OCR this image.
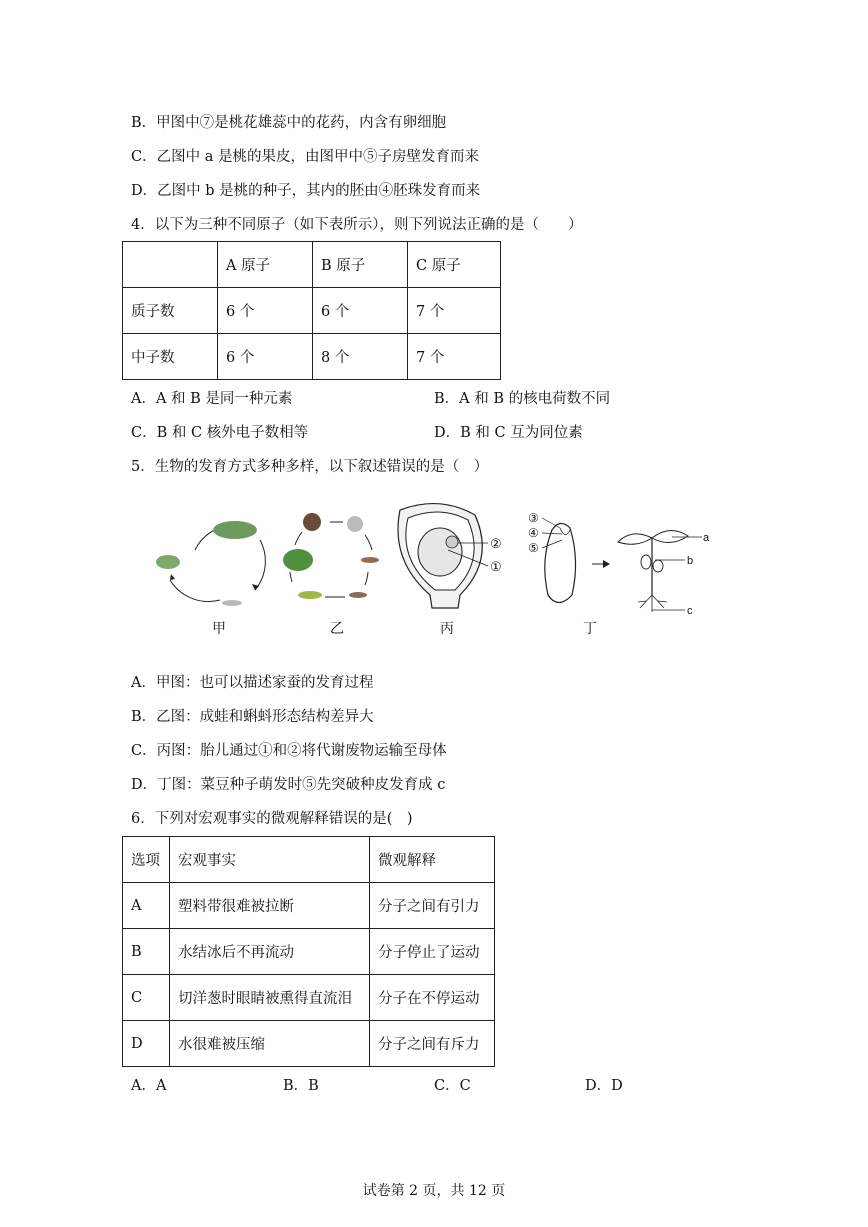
B．甲图中⑦是桃花雄蕊中的花药，内含有卵细胞
C．乙图中 a 是桃的果皮，由图甲中⑤子房壁发育而来
D．乙图中 b 是桃的种子，其内的胚由④胚珠发育而来
4．以下为三种不同原子（如下表所示），则下列说法正确的是（　　）
	A 原子	B 原子	C 原子
质子数	6 个	6 个	7 个
中子数	6 个	8 个	7 个
A．A 和 B 是同一种元素	B．A 和 B 的核电荷数不同
C．B 和 C 核外电子数相等	D．B 和 C 互为同位素
5．生物的发育方式多种多样，以下叙述错误的是（　）
②
①
③
④
⑤
a
b
c
甲	乙	丙	丁
A．甲图：也可以描述家蚕的发育过程
B．乙图：成蛙和蝌蚪形态结构差异大
C．丙图：胎儿通过①和②将代谢废物运输至母体
D．丁图：菜豆种子萌发时⑤先突破种皮发育成 c
6．下列对宏观事实的微观解释错误的是(　)
选项	宏观事实	微观解释
A	塑料带很难被拉断	分子之间有引力
B	水结冰后不再流动	分子停止了运动
C	切洋葱时眼睛被熏得直流泪	分子在不停运动
D	水很难被压缩	分子之间有斥力
A．A	B．B	C．C	D．D
试卷第 2 页，共 12 页
